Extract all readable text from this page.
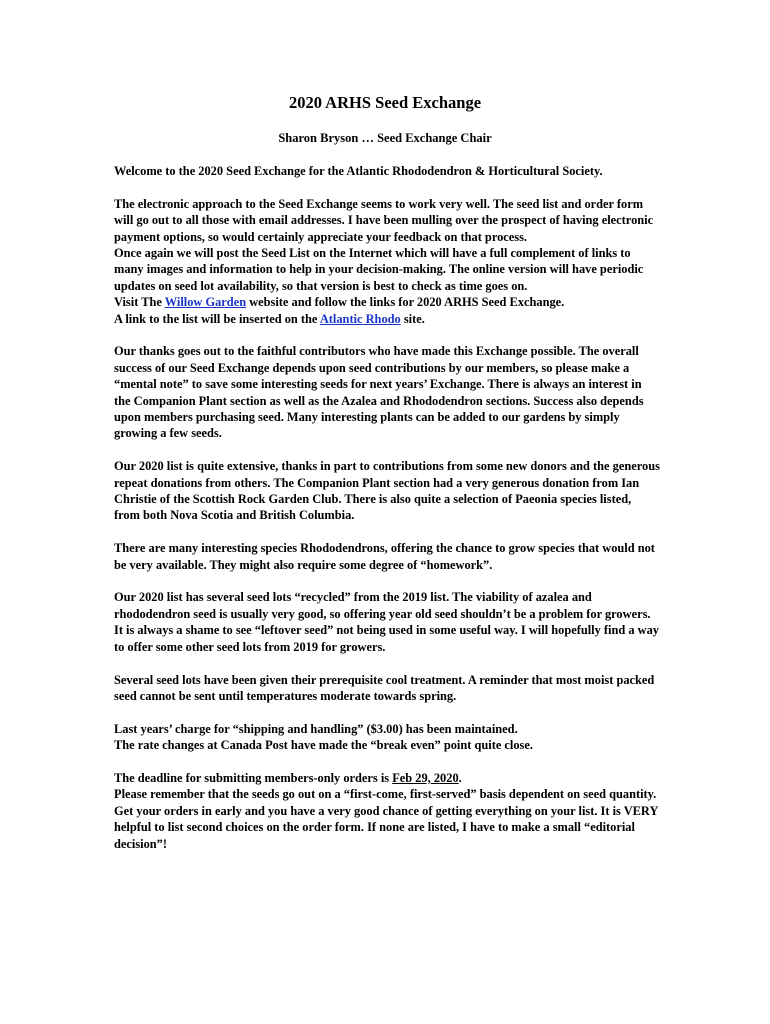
2020 ARHS Seed Exchange
Sharon Bryson … Seed Exchange Chair

Welcome to the 2020 Seed Exchange for the Atlantic Rhododendron & Horticultural Society.

The electronic approach to the Seed Exchange seems to work very well. The seed list and order form will go out to all those with email addresses. I have been mulling over the prospect of having electronic payment options, so would certainly appreciate your feedback on that process.

Once again we will post the Seed List on the Internet which will have a full complement of links to many images and information to help in your decision-making. The online version will have periodic updates on seed lot availability, so that version is best to check as time goes on.

Visit The Willow Garden website and follow the links for 2020 ARHS Seed Exchange.

A link to the list will be inserted on the Atlantic Rhodo site.

Our thanks goes out to the faithful contributors who have made this Exchange possible. The overall success of our Seed Exchange depends upon seed contributions by our members, so please make a “mental note” to save some interesting seeds for next years’ Exchange. There is always an interest in the Companion Plant section as well as the Azalea and Rhododendron sections. Success also depends upon members purchasing seed. Many interesting plants can be added to our gardens by simply growing a few seeds.

Our 2020 list is quite extensive, thanks in part to contributions from some new donors and the generous repeat donations from others. The Companion Plant section had a very generous donation from Ian Christie of the Scottish Rock Garden Club. There is also quite a selection of Paeonia species listed, from both Nova Scotia and British Columbia.

There are many interesting species Rhododendrons, offering the chance to grow species that would not be very available. They might also require some degree of “homework”.

Our 2020 list has several seed lots “recycled” from the 2019 list. The viability of azalea and rhododendron seed is usually very good, so offering year old seed shouldn’t be a problem for growers. It is always a shame to see “leftover seed” not being used in some useful way. I will hopefully find a way to offer some other seed lots from 2019 for growers.

Several seed lots have been given their prerequisite cool treatment. A reminder that most moist packed seed cannot be sent until temperatures moderate towards spring.

Last years’ charge for “shipping and handling” ($3.00) has been maintained.

The rate changes at Canada Post have made the “break even” point quite close.

The deadline for submitting members-only orders is Feb 29, 2020.

Please remember that the seeds go out on a “first-come, first-served” basis dependent on seed quantity. Get your orders in early and you have a very good chance of getting everything on your list. It is VERY helpful to list second choices on the order form. If none are listed, I have to make a small “editorial decision”!
